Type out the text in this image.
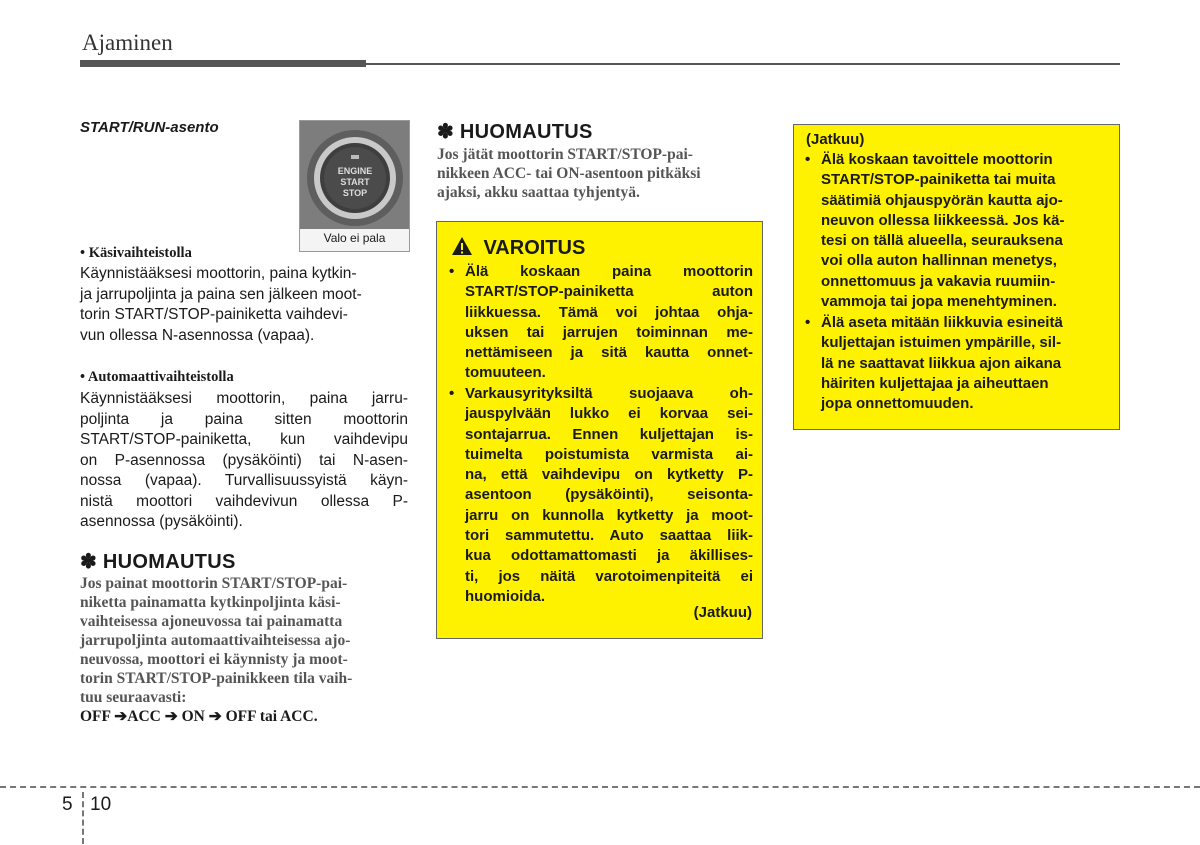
Ajaminen
START/RUN-asento
ENGINE
START
STOP
Valo ei pala
• Käsivaihteistolla
Käynnistääksesi moottorin, paina kytkin-
ja jarrupoljinta ja paina sen jälkeen moot-
torin START/STOP-painiketta vaihdevi-
vun ollessa N-asennossa (vapaa).
• Automaattivaihteistolla
Käynnistääksesi moottorin, paina jarru-
poljinta ja paina sitten moottorin
START/STOP-painiketta, kun vaihdevipu
on P-asennossa (pysäköinti) tai N-asen-
nossa (vapaa). Turvallisuussyistä käyn-
nistä moottori vaihdevivun ollessa P-
asennossa (pysäköinti).
✽ HUOMAUTUS
Jos painat moottorin START/STOP-pai-
niketta painamatta kytkinpoljinta käsi-
vaihteisessa ajoneuvossa tai painamatta
jarrupoljinta automaattivaihteisessa ajo-
neuvossa, moottori ei käynnisty ja moot-
torin START/STOP-painikkeen tila vaih-
tuu seuraavasti:
OFF ➔ACC ➔ ON ➔ OFF tai ACC.
✽ HUOMAUTUS
Jos jätät moottorin START/STOP-pai-
nikkeen ACC- tai ON-asentoon pitkäksi
ajaksi, akku saattaa tyhjentyä.
VAROITUS
• Älä koskaan paina moottorin
START/STOP-painiketta auton
liikkuessa. Tämä voi johtaa ohja-
uksen tai jarrujen toiminnan me-
nettämiseen ja sitä kautta onnet-
tomuuteen.
• Varkausyrityksiltä suojaava oh-
jauspylvään lukko ei korvaa sei-
sontajarrua. Ennen kuljettajan is-
tuimelta poistumista varmista ai-
na, että vaihdevipu on kytketty P-
asentoon (pysäköinti), seisonta-
jarru on kunnolla kytketty ja moot-
tori sammutettu. Auto saattaa liik-
kua odottamattomasti ja äkillises-
ti, jos näitä varotoimenpiteitä ei
huomioida.
(Jatkuu)
(Jatkuu)
• Älä koskaan tavoittele moottorin
START/STOP-painiketta tai muita
säätimiä ohjauspyörän kautta ajo-
neuvon ollessa liikkeessä. Jos kä-
tesi on tällä alueella, seurauksena
voi olla auton hallinnan menetys,
onnettomuus ja vakavia ruumiin-
vammoja tai jopa menehtyminen.
• Älä aseta mitään liikkuvia esineitä
kuljettajan istuimen ympärille, sil-
lä ne saattavat liikkua ajon aikana
häiriten kuljettajaa ja aiheuttaen
jopa onnettomuuden.
5 10
